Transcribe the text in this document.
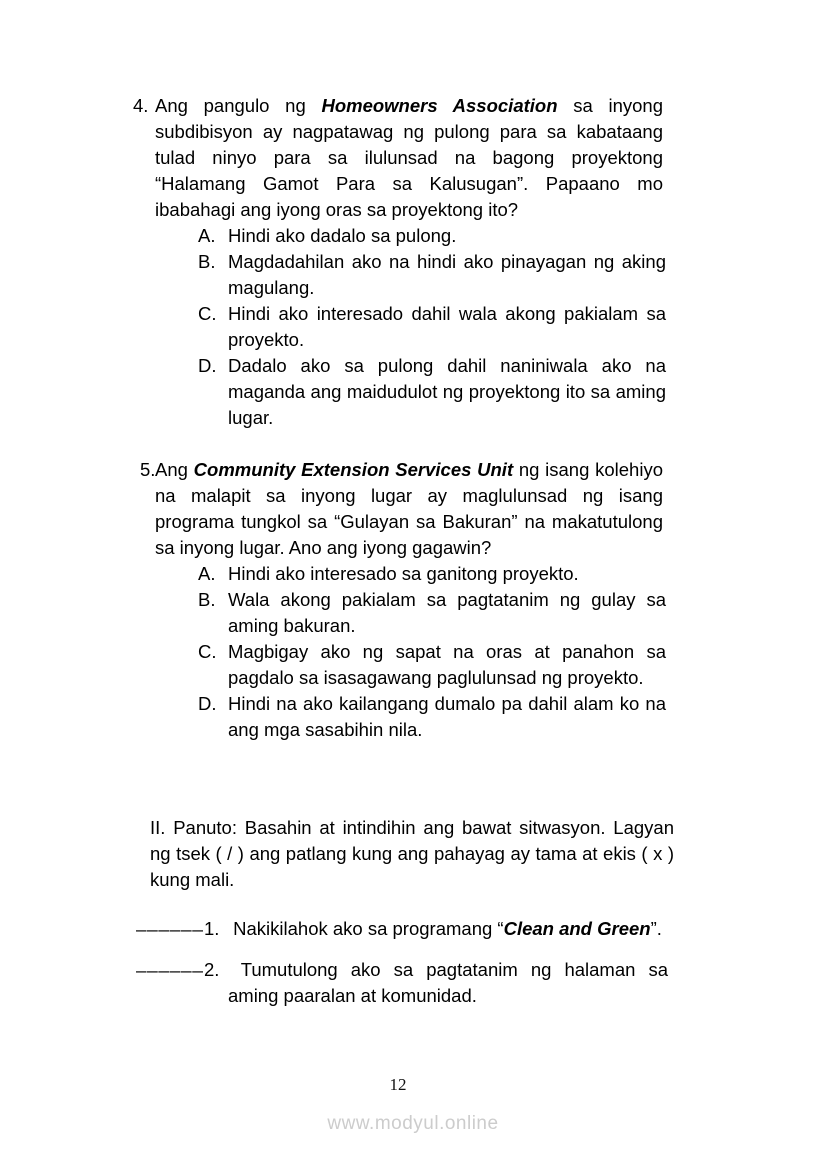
4. Ang pangulo ng Homeowners Association sa inyong subdibisyon ay nagpatawag ng pulong para sa kabataang tulad ninyo para sa ilulunsad na bagong proyektong “Halamang Gamot Para sa Kalusugan”. Papaano mo ibabahagi ang iyong oras sa proyektong ito?

A. Hindi ako dadalo sa pulong.

B. Magdadahilan ako na hindi ako pinayagan ng aking magulang.

C. Hindi ako interesado dahil wala akong pakialam sa proyekto.

D. Dadalo ako sa pulong dahil naniniwala ako na maganda ang maidudulot ng proyektong ito sa aming lugar.

5.Ang Community Extension Services Unit ng isang kolehiyo na malapit sa inyong lugar ay maglulunsad ng isang programa tungkol sa “Gulayan sa Bakuran” na makatutulong sa inyong lugar. Ano ang iyong gagawin?

A. Hindi ako interesado sa ganitong proyekto.

B. Wala akong pakialam sa pagtatanim ng gulay sa aming bakuran.

C. Magbigay ako ng sapat na oras at panahon sa pagdalo sa isasagawang paglulunsad ng proyekto.

D. Hindi na ako kailangang dumalo pa dahil alam ko na ang mga sasabihin nila.

II. Panuto: Basahin at intindihin ang bawat sitwasyon. Lagyan ng tsek ( / ) ang patlang kung ang pahayag ay tama at ekis ( x ) kung mali.

______1. Nakikilahok ako sa programang “Clean and Green”.

______2. Tumutulong ako sa pagtatanim ng halaman sa aming paaralan at komunidad.

12
www.modyul.online
